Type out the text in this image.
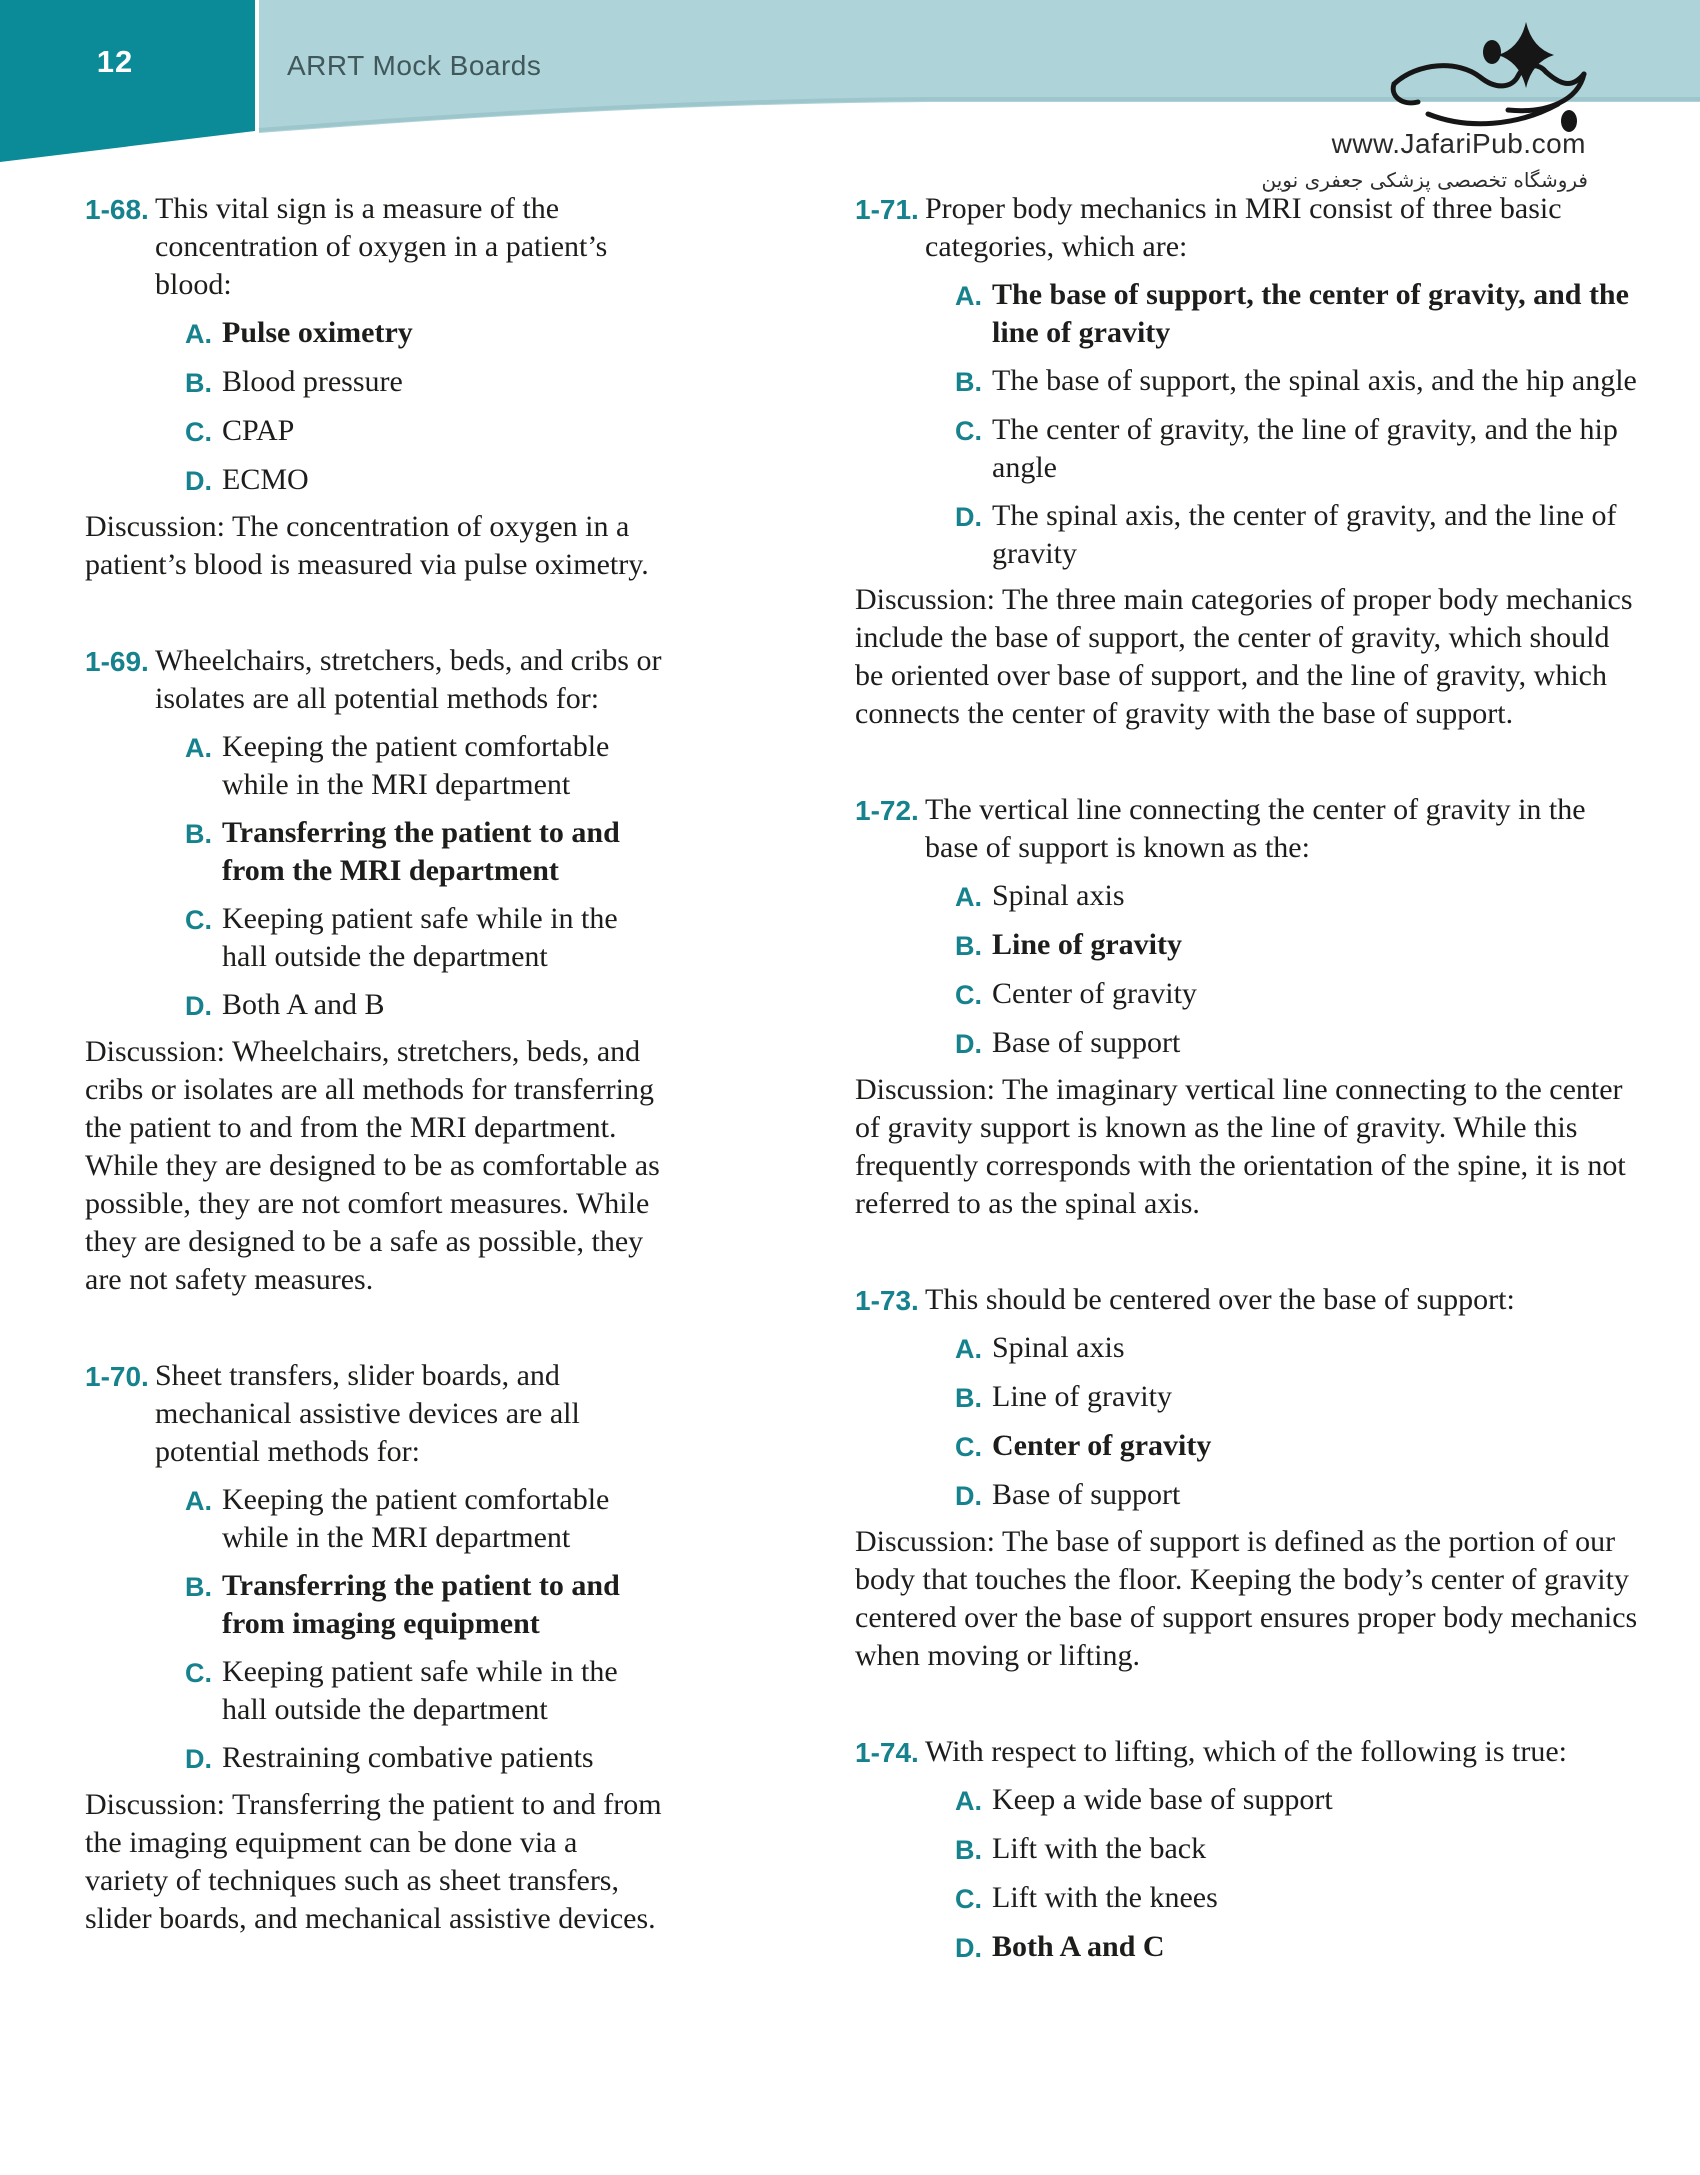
12	ARRT Mock Boards
www.JafariPub.com
فروشگاه تخصصی پزشکی جعفری نوین
1-68. This vital sign is a measure of the concentration of oxygen in a patient’s blood:

A. Pulse oximetry
B. Blood pressure
C. CPAP
D. ECMO

Discussion: The concentration of oxygen in a patient’s blood is measured via pulse oximetry.

1-69. Wheelchairs, stretchers, beds, and cribs or isolates are all potential methods for:

A. Keeping the patient comfortable while in the MRI department
B. Transferring the patient to and from the MRI department
C. Keeping patient safe while in the hall outside the department
D. Both A and B

Discussion: Wheelchairs, stretchers, beds, and cribs or isolates are all methods for transferring the patient to and from the MRI department. While they are designed to be as comfortable as possible, they are not comfort measures. While they are designed to be a safe as possible, they are not safety measures.

1-70. Sheet transfers, slider boards, and mechanical assistive devices are all potential methods for:

A. Keeping the patient comfortable while in the MRI department
B. Transferring the patient to and from imaging equipment
C. Keeping patient safe while in the hall outside the department
D. Restraining combative patients

Discussion: Transferring the patient to and from the imaging equipment can be done via a variety of techniques such as sheet transfers, slider boards, and mechanical assistive devices.

1-71. Proper body mechanics in MRI consist of three basic categories, which are:

A. The base of support, the center of gravity, and the line of gravity
B. The base of support, the spinal axis, and the hip angle
C. The center of gravity, the line of gravity, and the hip angle
D. The spinal axis, the center of gravity, and the line of gravity

Discussion: The three main categories of proper body mechanics include the base of support, the center of gravity, which should be oriented over base of support, and the line of gravity, which connects the center of gravity with the base of support.

1-72. The vertical line connecting the center of gravity in the base of support is known as the:

A. Spinal axis
B. Line of gravity
C. Center of gravity
D. Base of support

Discussion: The imaginary vertical line connecting to the center of gravity support is known as the line of gravity. While this frequently corresponds with the orientation of the spine, it is not referred to as the spinal axis.

1-73. This should be centered over the base of support:

A. Spinal axis
B. Line of gravity
C. Center of gravity
D. Base of support

Discussion: The base of support is defined as the portion of our body that touches the floor. Keeping the body’s center of gravity centered over the base of support ensures proper body mechanics when moving or lifting.

1-74. With respect to lifting, which of the following is true:

A. Keep a wide base of support
B. Lift with the back
C. Lift with the knees
D. Both A and C
